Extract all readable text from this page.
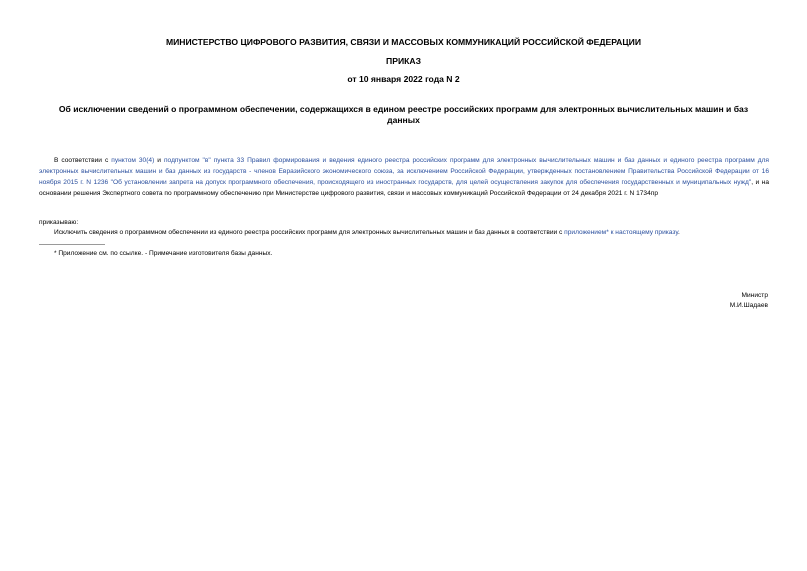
МИНИСТЕРСТВО ЦИФРОВОГО РАЗВИТИЯ, СВЯЗИ И МАССОВЫХ КОММУНИКАЦИЙ РОССИЙСКОЙ ФЕДЕРАЦИИ
ПРИКАЗ
от 10 января 2022 года N 2
Об исключении сведений о программном обеспечении, содержащихся в едином реестре российских программ для электронных вычислительных машин и баз данных
В соответствии с пунктом 30(4) и подпунктом "в" пункта 33 Правил формирования и ведения единого реестра российских программ для электронных вычислительных машин и баз данных и единого реестра программ для электронных вычислительных машин и баз данных из государств - членов Евразийского экономического союза, за исключением Российской Федерации, утвержденных постановлением Правительства Российской Федерации от 16 ноября 2015 г. N 1236 "Об установлении запрета на допуск программного обеспечения, происходящего из иностранных государств, для целей осуществления закупок для обеспечения государственных и муниципальных нужд", и на основании решения Экспертного совета по программному обеспечению при Министерстве цифрового развития, связи и массовых коммуникаций Российской Федерации от 24 декабря 2021 г. N 1734пр
приказываю:
Исключить сведения о программном обеспечении из единого реестра российских программ для электронных вычислительных машин и баз данных в соответствии с приложением* к настоящему приказу.
* Приложение см. по ссылке. - Примечание изготовителя базы данных.
Министр
М.И.Шадаев
